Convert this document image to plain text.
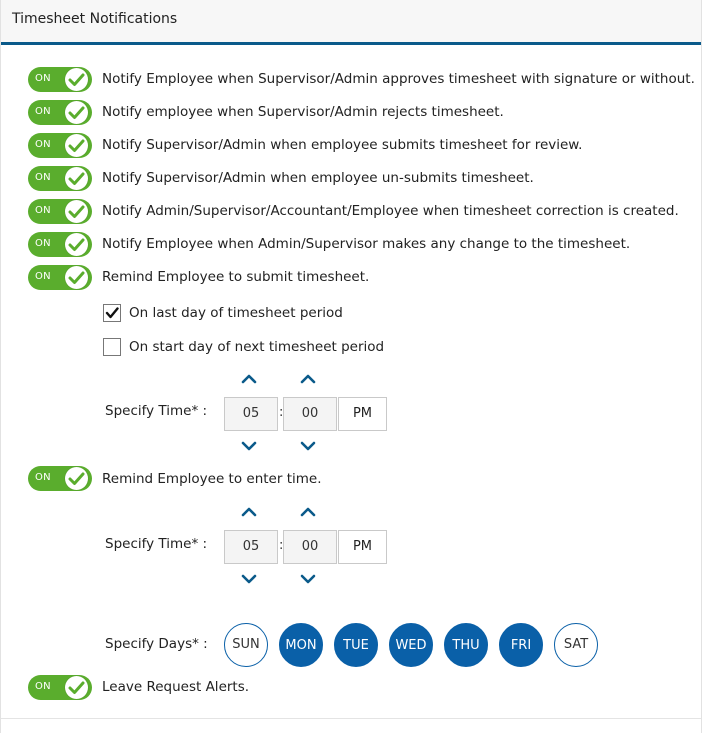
Timesheet Notifications
ON	Notify Employee when Supervisor/Admin approves timesheet with signature or without.
ON	Notify employee when Supervisor/Admin rejects timesheet.
ON	Notify Supervisor/Admin when employee submits timesheet for review.
ON	Notify Supervisor/Admin when employee un-submits timesheet.
ON	Notify Admin/Supervisor/Accountant/Employee when timesheet correction is created.
ON	Notify Employee when Admin/Supervisor makes any change to the timesheet.
ON	Remind Employee to submit timesheet.
On last day of timesheet period
On start day of next timesheet period
Specify Time* :	05	:	00	PM
ON	Remind Employee to enter time.
Specify Time* :	05	:	00	PM
Specify Days* :	SUN	MON	TUE	WED	THU	FRI	SAT
ON	Leave Request Alerts.
